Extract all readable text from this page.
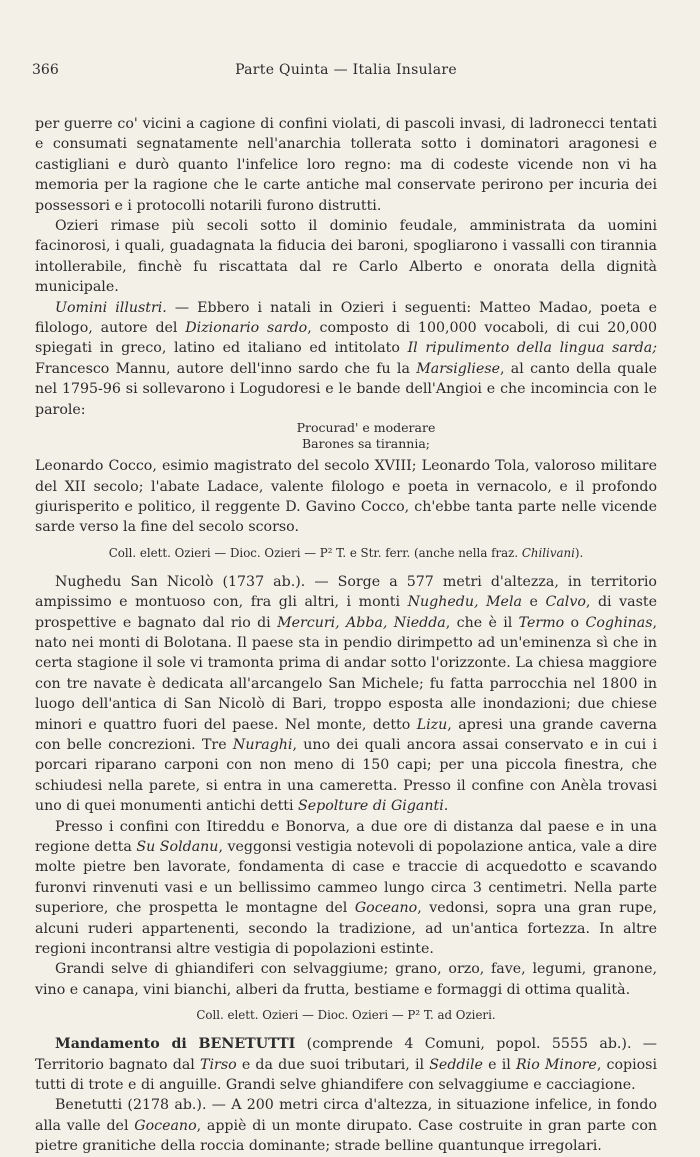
366	Parte Quinta — Italia Insulare

per guerre co' vicini a cagione di confini violati, di pascoli invasi, di ladronecci tentati e consumati segnatamente nell'anarchia tollerata sotto i dominatori aragonesi e castigliani e durò quanto l'infelice loro regno: ma di codeste vicende non vi ha memoria per la ragione che le carte antiche mal conservate perirono per incuria dei possessori e i protocolli notarili furono distrutti.

Ozieri rimase più secoli sotto il dominio feudale, amministrata da uomini facinorosi, i quali, guadagnata la fiducia dei baroni, spogliarono i vassalli con tirannia intollerabile, finchè fu riscattata dal re Carlo Alberto e onorata della dignità municipale.

Uomini illustri. — Ebbero i natali in Ozieri i seguenti: Matteo Madao, poeta e filologo, autore del Dizionario sardo, composto di 100,000 vocaboli, di cui 20,000 spiegati in greco, latino ed italiano ed intitolato Il ripulimento della lingua sarda; Francesco Mannu, autore dell'inno sardo che fu la Marsigliese, al canto della quale nel 1795-96 si sollevarono i Logudoresi e le bande dell'Angioi e che incomincia con le parole:

Procurad' e moderare
Barones sa tirannia;

Leonardo Cocco, esimio magistrato del secolo XVIII; Leonardo Tola, valoroso militare del XII secolo; l'abate Ladace, valente filologo e poeta in vernacolo, e il profondo giurisperito e politico, il reggente D. Gavino Cocco, ch'ebbe tanta parte nelle vicende sarde verso la fine del secolo scorso.

Coll. elett. Ozieri — Dioc. Ozieri — P² T. e Str. ferr. (anche nella fraz. Chilivani).

Nughedu San Nicolò (1737 ab.). — Sorge a 577 metri d'altezza, in territorio ampissimo e montuoso con, fra gli altri, i monti Nughedu, Mela e Calvo, di vaste prospettive e bagnato dal rio di Mercuri, Abba, Niedda, che è il Termo o Coghinas, nato nei monti di Bolotana. Il paese sta in pendio dirimpetto ad un'eminenza sì che in certa stagione il sole vi tramonta prima di andar sotto l'orizzonte. La chiesa maggiore con tre navate è dedicata all'arcangelo San Michele; fu fatta parrocchia nel 1800 in luogo dell'antica di San Nicolò di Bari, troppo esposta alle inondazioni; due chiese minori e quattro fuori del paese. Nel monte, detto Lizu, apresi una grande caverna con belle concrezioni. Tre Nuraghi, uno dei quali ancora assai conservato e in cui i porcari riparano carponi con non meno di 150 capi; per una piccola finestra, che schiudesi nella parete, si entra in una cameretta. Presso il confine con Anèla trovasi uno di quei monumenti antichi detti Sepolture di Giganti.

Presso i confini con Itireddu e Bonorva, a due ore di distanza dal paese e in una regione detta Su Soldanu, veggonsi vestigia notevoli di popolazione antica, vale a dire molte pietre ben lavorate, fondamenta di case e traccie di acquedotto e scavando furonvi rinvenuti vasi e un bellissimo cammeo lungo circa 3 centimetri. Nella parte superiore, che prospetta le montagne del Goceano, vedonsi, sopra una gran rupe, alcuni ruderi appartenenti, secondo la tradizione, ad un'antica fortezza. In altre regioni incontransi altre vestigia di popolazioni estinte.

Grandi selve di ghiandiferi con selvaggiume; grano, orzo, fave, legumi, granone, vino e canapa, vini bianchi, alberi da frutta, bestiame e formaggi di ottima qualità.

Coll. elett. Ozieri — Dioc. Ozieri — P² T. ad Ozieri.

Mandamento di BENETUTTI (comprende 4 Comuni, popol. 5555 ab.). — Territorio bagnato dal Tirso e da due suoi tributari, il Seddile e il Rio Minore, copiosi tutti di trote e di anguille. Grandi selve ghiandifere con selvaggiume e cacciagione.

Benetutti (2178 ab.). — A 200 metri circa d'altezza, in situazione infelice, in fondo alla valle del Goceano, appiè di un monte dirupato. Case costruite in gran parte con pietre granitiche della roccia dominante; strade belline quantunque irregolari.
